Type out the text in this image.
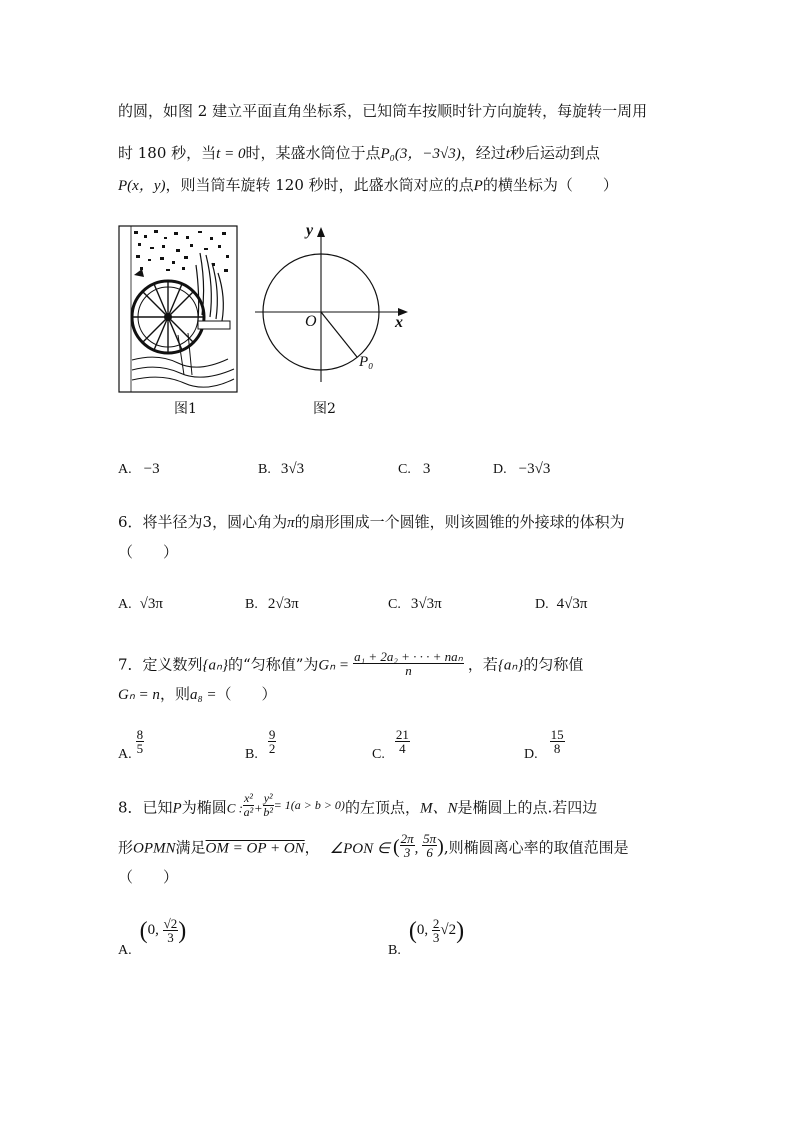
的圆，如图 2 建立平面直角坐标系，已知筒车按顺时针方向旋转，每旋转一周用
时 180 秒，当t = 0时，某盛水筒位于点P₀(3，−3√3)，经过t秒后运动到点
P(x，y)，则当筒车旋转 120 秒时，此盛水筒对应的点P的横坐标为（　　）
图1
y
x
O
P₀
图2
A. −3	B. 3√3	C. 3	D. −3√3
6．将半径为3，圆心角为π的扇形围成一个圆锥，则该圆锥的外接球的体积为
（　　）
A. √3π	B. 2√3π	C. 3√3π	D. 4√3π
7．定义数列{aₙ}的“匀称值”为$G_n = \frac{\text{a₁ + 2a₂ + · · · + naₙ}}{n}$ ，若{aₙ}的匀称值
Gₙ = n，则a₈ =（　　）
A. $\frac{8}{5}$	B. $\frac{9}{2}$	C. $\frac{21}{4}$	D. $\frac{15}{8}$
8．已知P为椭圆C : $\frac{\text{x²}}{\text{a²}} + \frac{\text{y²}}{\text{b²}} ^{= 1(a > b > 0)}$的左顶点，M、N是椭圆上的点.若四边
形OPMN满足OM = OP + ON， ∠PON ∈ ( $\frac{2\pi}{3}$ , $\frac{5\pi}{6}$ ),则椭圆离心率的取值范围是
（　　）
A.(0, $\frac{√2}{3}$ )
B.(0, $\frac{2}{3} √2$)
